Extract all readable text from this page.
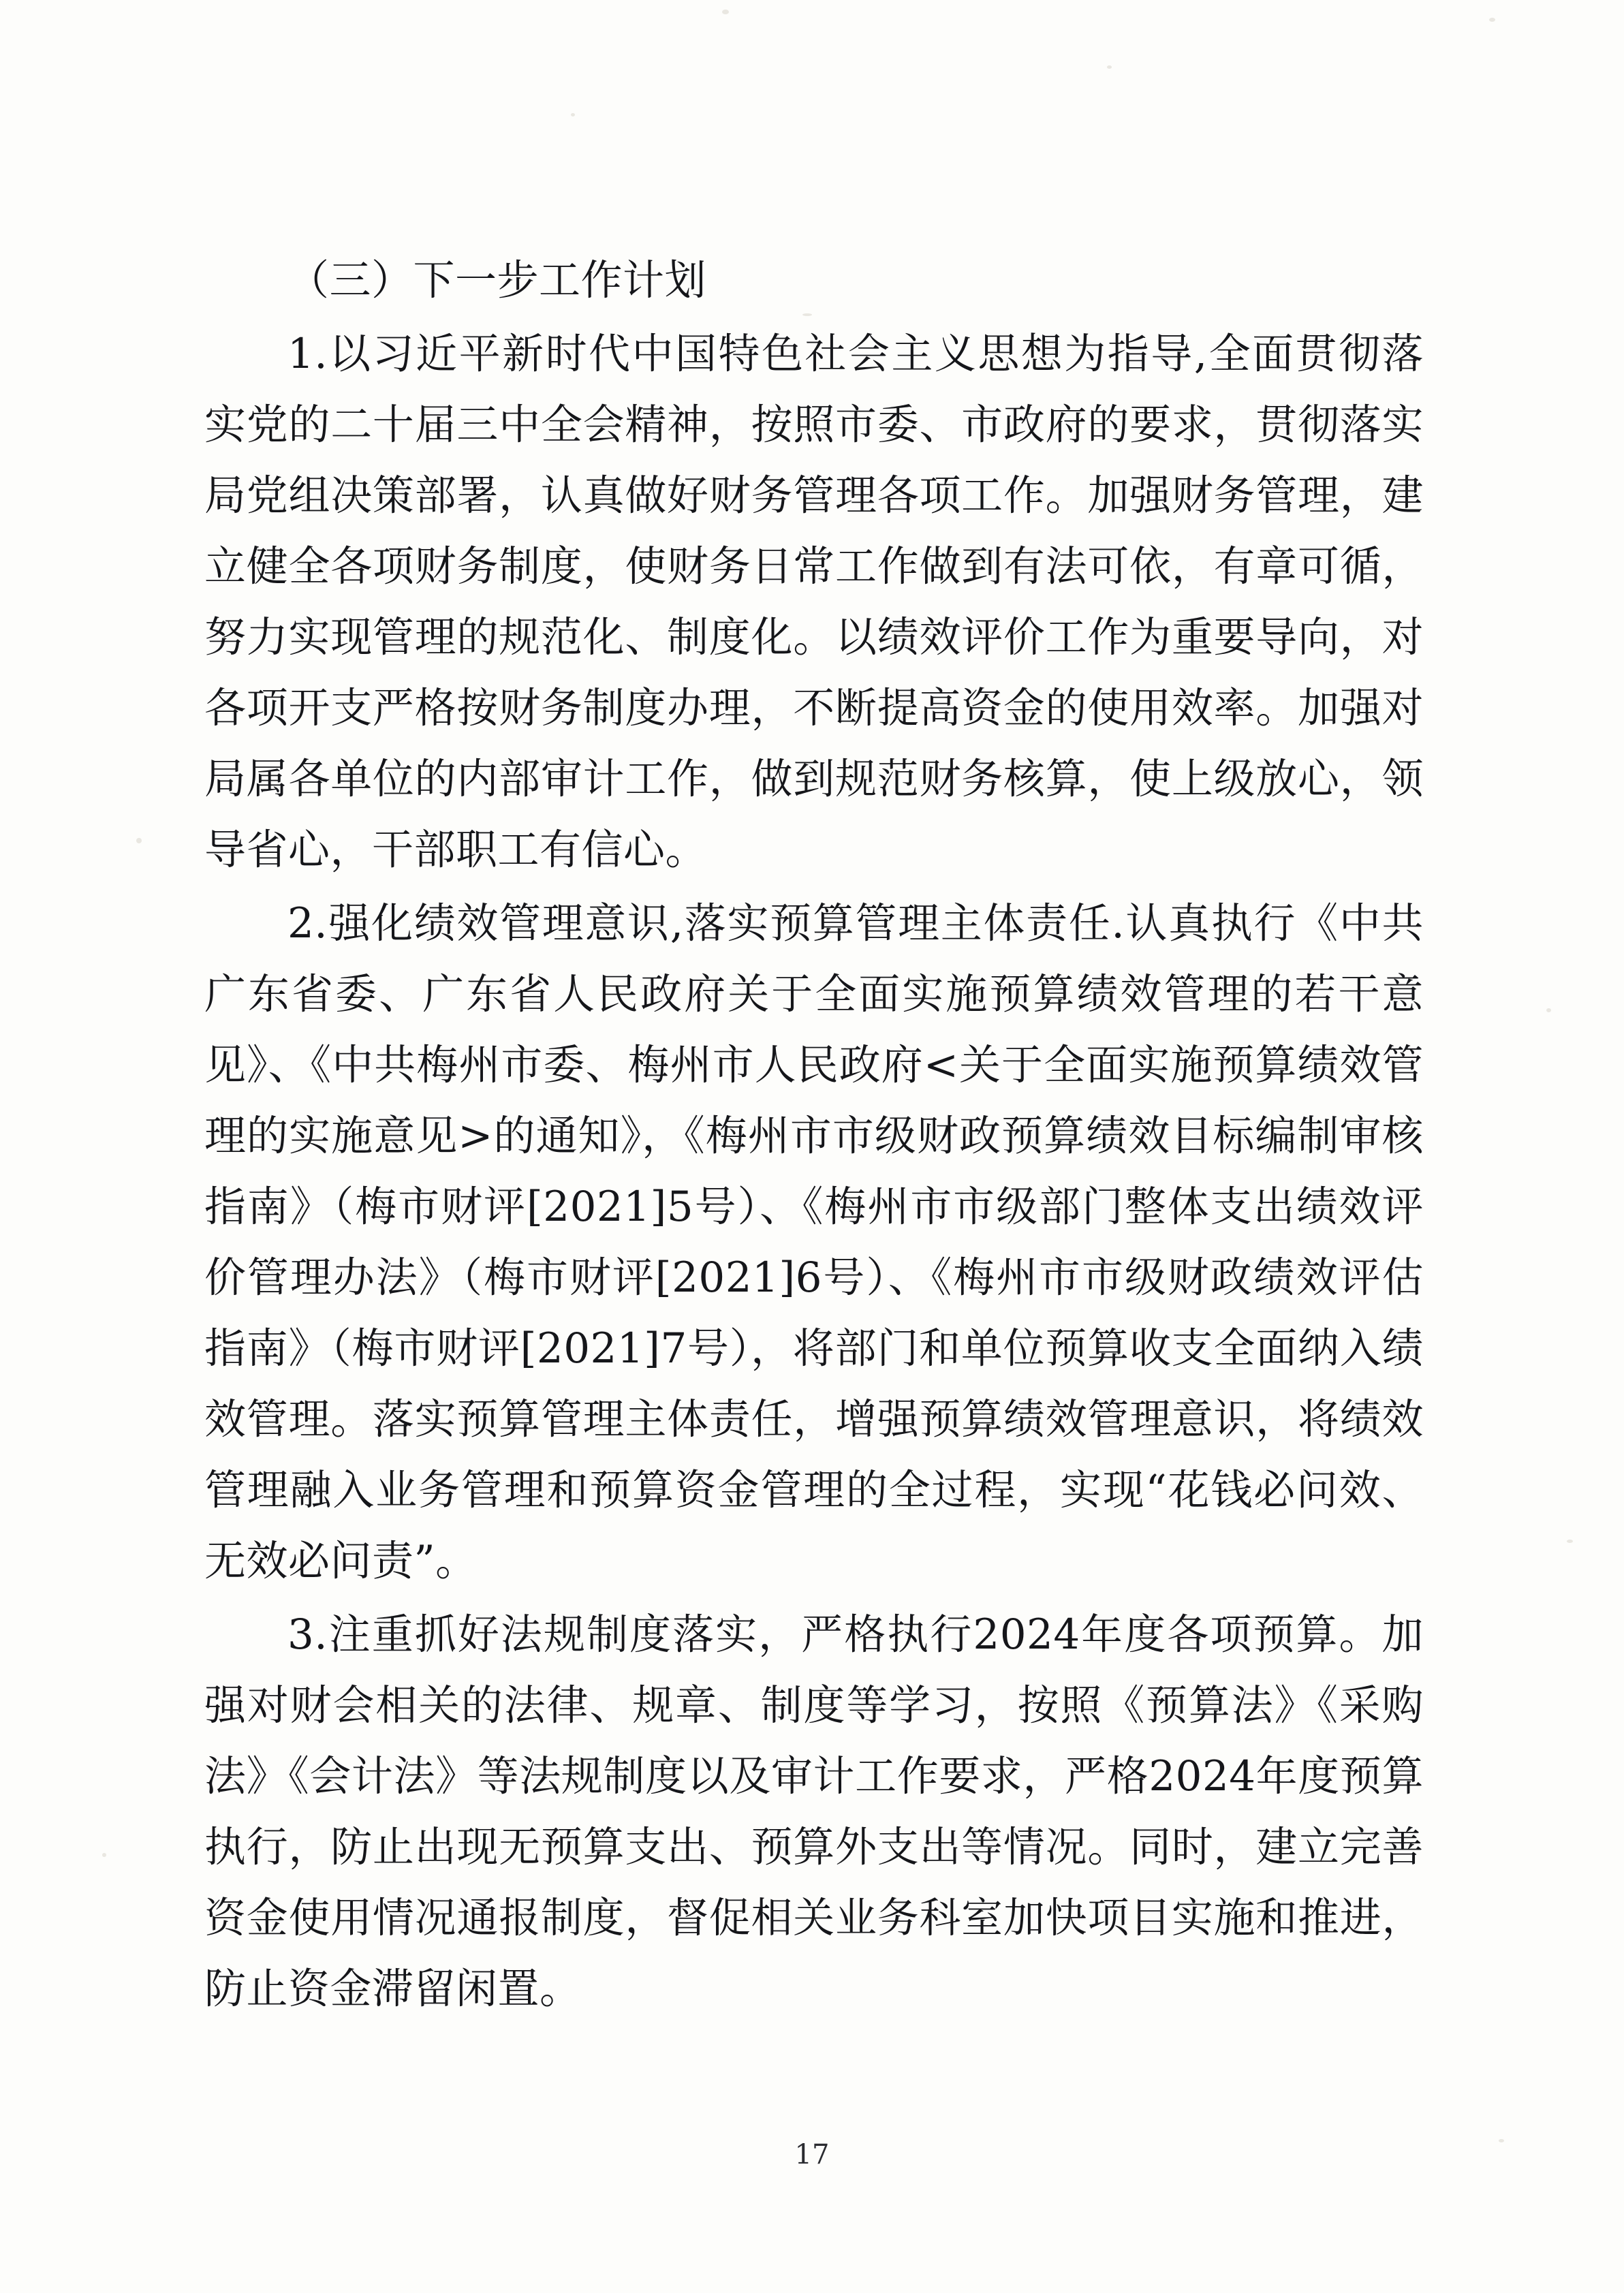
（三）下一步工作计划

1.以习近平新时代中国特色社会主义思想为指导,全面贯彻落实党的二十届三中全会精神，按照市委、市政府的要求，贯彻落实局党组决策部署，认真做好财务管理各项工作。加强财务管理，建立健全各项财务制度，使财务日常工作做到有法可依，有章可循，努力实现管理的规范化、制度化。以绩效评价工作为重要导向，对各项开支严格按财务制度办理，不断提高资金的使用效率。加强对局属各单位的内部审计工作，做到规范财务核算，使上级放心，领导省心，干部职工有信心。

2.强化绩效管理意识,落实预算管理主体责任.认真执行《中共广东省委、广东省人民政府关于全面实施预算绩效管理的若干意见》、《中共梅州市委、梅州市人民政府<关于全面实施预算绩效管理的实施意见>的通知》，《梅州市市级财政预算绩效目标编制审核指南》（梅市财评[2021]5号）、《梅州市市级部门整体支出绩效评价管理办法》（梅市财评[2021]6号）、《梅州市市级财政绩效评估指南》（梅市财评[2021]7号），将部门和单位预算收支全面纳入绩效管理。落实预算管理主体责任，增强预算绩效管理意识，将绩效管理融入业务管理和预算资金管理的全过程，实现“花钱必问效、无效必问责”。

3.注重抓好法规制度落实，严格执行2024年度各项预算。加强对财会相关的法律、规章、制度等学习，按照《预算法》《采购法》《会计法》等法规制度以及审计工作要求，严格2024年度预算执行，防止出现无预算支出、预算外支出等情况。同时，建立完善资金使用情况通报制度，督促相关业务科室加快项目实施和推进，防止资金滞留闲置。

17
